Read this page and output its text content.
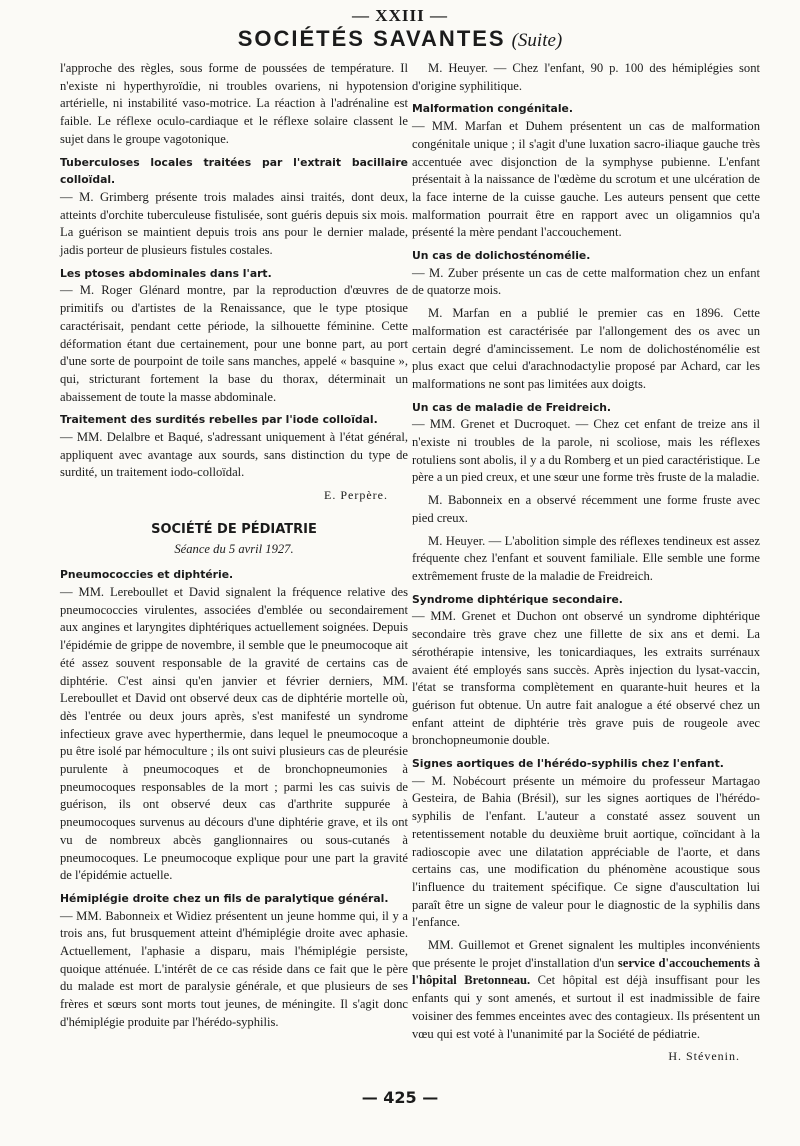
— XXIII —
SOCIÉTÉS SAVANTES (Suite)

l'approche des règles, sous forme de poussées de température. Il n'existe ni hyperthyroïdie, ni troubles ovariens, ni hypotension artérielle, ni instabilité vaso-motrice. La réaction à l'adrénaline est faible. Le réflexe oculo-cardiaque et le réflexe solaire classent le sujet dans le groupe vagotonique.

Tuberculoses locales traitées par l'extrait bacillaire colloïdal.

— M. Grimberg présente trois malades ainsi traités, dont deux, atteints d'orchite tuberculeuse fistulisée, sont guéris depuis six mois. La guérison se maintient depuis trois ans pour le dernier malade, jadis porteur de plusieurs fistules costales.

Les ptoses abdominales dans l'art.

— M. Roger Glénard montre, par la reproduction d'œuvres de primitifs ou d'artistes de la Renaissance, que le type ptosique caractérisait, pendant cette période, la silhouette féminine. Cette déformation étant due certainement, pour une bonne part, au port d'une sorte de pourpoint de toile sans manches, appelé « basquine », qui, stricturant fortement la base du thorax, déterminait un abaissement de toute la masse abdominale.

Traitement des surdités rebelles par l'iode colloïdal.

— MM. Delalbre et Baqué, s'adressant uniquement à l'état général, appliquent avec avantage aux sourds, sans distinction du type de surdité, un traitement iodo-colloïdal.

E. Perpère.
SOCIÉTÉ DE PÉDIATRIE
Séance du 5 avril 1927.

Pneumococcies et diphtérie.

— MM. Lereboullet et David signalent la fréquence relative des pneumococcies virulentes, associées d'emblée ou secondairement aux angines et laryngites diphtériques actuellement soignées. Depuis l'épidémie de grippe de novembre, il semble que le pneumocoque ait été assez souvent responsable de la gravité de certains cas de diphtérie. C'est ainsi qu'en janvier et février derniers, MM. Lereboullet et David ont observé deux cas de diphtérie mortelle où, dès l'entrée ou deux jours après, s'est manifesté un syndrome infectieux grave avec hyperthermie, dans lequel le pneumocoque a pu être isolé par hémoculture ; ils ont suivi plusieurs cas de pleurésie purulente à pneumocoques et de bronchopneumonies à pneumocoques responsables de la mort ; parmi les cas suivis de guérison, ils ont observé deux cas d'arthrite suppurée à pneumocoques survenus au décours d'une diphtérie grave, et ils ont vu de nombreux abcès ganglionnaires ou sous-cutanés à pneumocoques. Le pneumocoque explique pour une part la gravité de l'épidémie actuelle.

Hémiplégie droite chez un fils de paralytique général.

— MM. Babonneix et Widiez présentent un jeune homme qui, il y a trois ans, fut brusquement atteint d'hémiplégie droite avec aphasie. Actuellement, l'aphasie a disparu, mais l'hémiplégie persiste, quoique atténuée. L'intérêt de ce cas réside dans ce fait que le père du malade est mort de paralysie générale, et que plusieurs de ses frères et sœurs sont morts tout jeunes, de méningite. Il s'agit donc d'hémiplégie produite par l'hérédo-syphilis.

M. Heuyer. — Chez l'enfant, 90 p. 100 des hémiplégies sont d'origine syphilitique.

Malformation congénitale.

— MM. Marfan et Duhem présentent un cas de malformation congénitale unique ; il s'agit d'une luxation sacro-iliaque gauche très accentuée avec disjonction de la symphyse pubienne. L'enfant présentait à la naissance de l'œdème du scrotum et une ulcération de la face interne de la cuisse gauche. Les auteurs pensent que cette malformation pourrait être en rapport avec un oligamnios qu'a présenté la mère pendant l'accouchement.

Un cas de dolichosténomélie.

— M. Zuber présente un cas de cette malformation chez un enfant de quatorze mois.

M. Marfan en a publié le premier cas en 1896. Cette malformation est caractérisée par l'allongement des os avec un certain degré d'amincissement. Le nom de dolichosténomélie est plus exact que celui d'arachnodactylie proposé par Achard, car les malformations ne sont pas limitées aux doigts.

Un cas de maladie de Freidreich.

— MM. Grenet et Ducroquet. — Chez cet enfant de treize ans il n'existe ni troubles de la parole, ni scoliose, mais les réflexes rotuliens sont abolis, il y a du Romberg et un pied caractéristique. Le père a un pied creux, et une sœur une forme très fruste de la maladie.

M. Babonneix en a observé récemment une forme fruste avec pied creux.

M. Heuyer. — L'abolition simple des réflexes tendineux est assez fréquente chez l'enfant et souvent familiale. Elle semble une forme extrêmement fruste de la maladie de Freidreich.

Syndrome diphtérique secondaire.

— MM. Grenet et Duchon ont observé un syndrome diphtérique secondaire très grave chez une fillette de six ans et demi. La sérothérapie intensive, les tonicardiaques, les extraits surrénaux avaient été employés sans succès. Après injection du lysat-vaccin, l'état se transforma complètement en quarante-huit heures et la guérison fut obtenue. Un autre fait analogue a été observé chez un enfant atteint de diphtérie très grave puis de rougeole avec bronchopneumonie double.

Signes aortiques de l'hérédo-syphilis chez l'enfant.

— M. Nobécourt présente un mémoire du professeur Martagao Gesteira, de Bahia (Brésil), sur les signes aortiques de l'hérédo-syphilis de l'enfant. L'auteur a constaté assez souvent un retentissement notable du deuxième bruit aortique, coïncidant à la radioscopie avec une dilatation appréciable de l'aorte, et dans certains cas, une modification du phénomène acoustique sous l'influence du traitement spécifique. Ce signe d'auscultation lui paraît être un signe de valeur pour le diagnostic de la syphilis dans l'enfance.

MM. Guillemot et Grenet signalent les multiples inconvénients que présente le projet d'installation d'un service d'accouchements à l'hôpital Bretonneau. Cet hôpital est déjà insuffisant pour les enfants qui y sont amenés, et surtout il est inadmissible de faire voisiner des femmes enceintes avec des contagieux. Ils présentent un vœu qui est voté à l'unanimité par la Société de pédiatrie.

H. Stévenin.
— 425 —
